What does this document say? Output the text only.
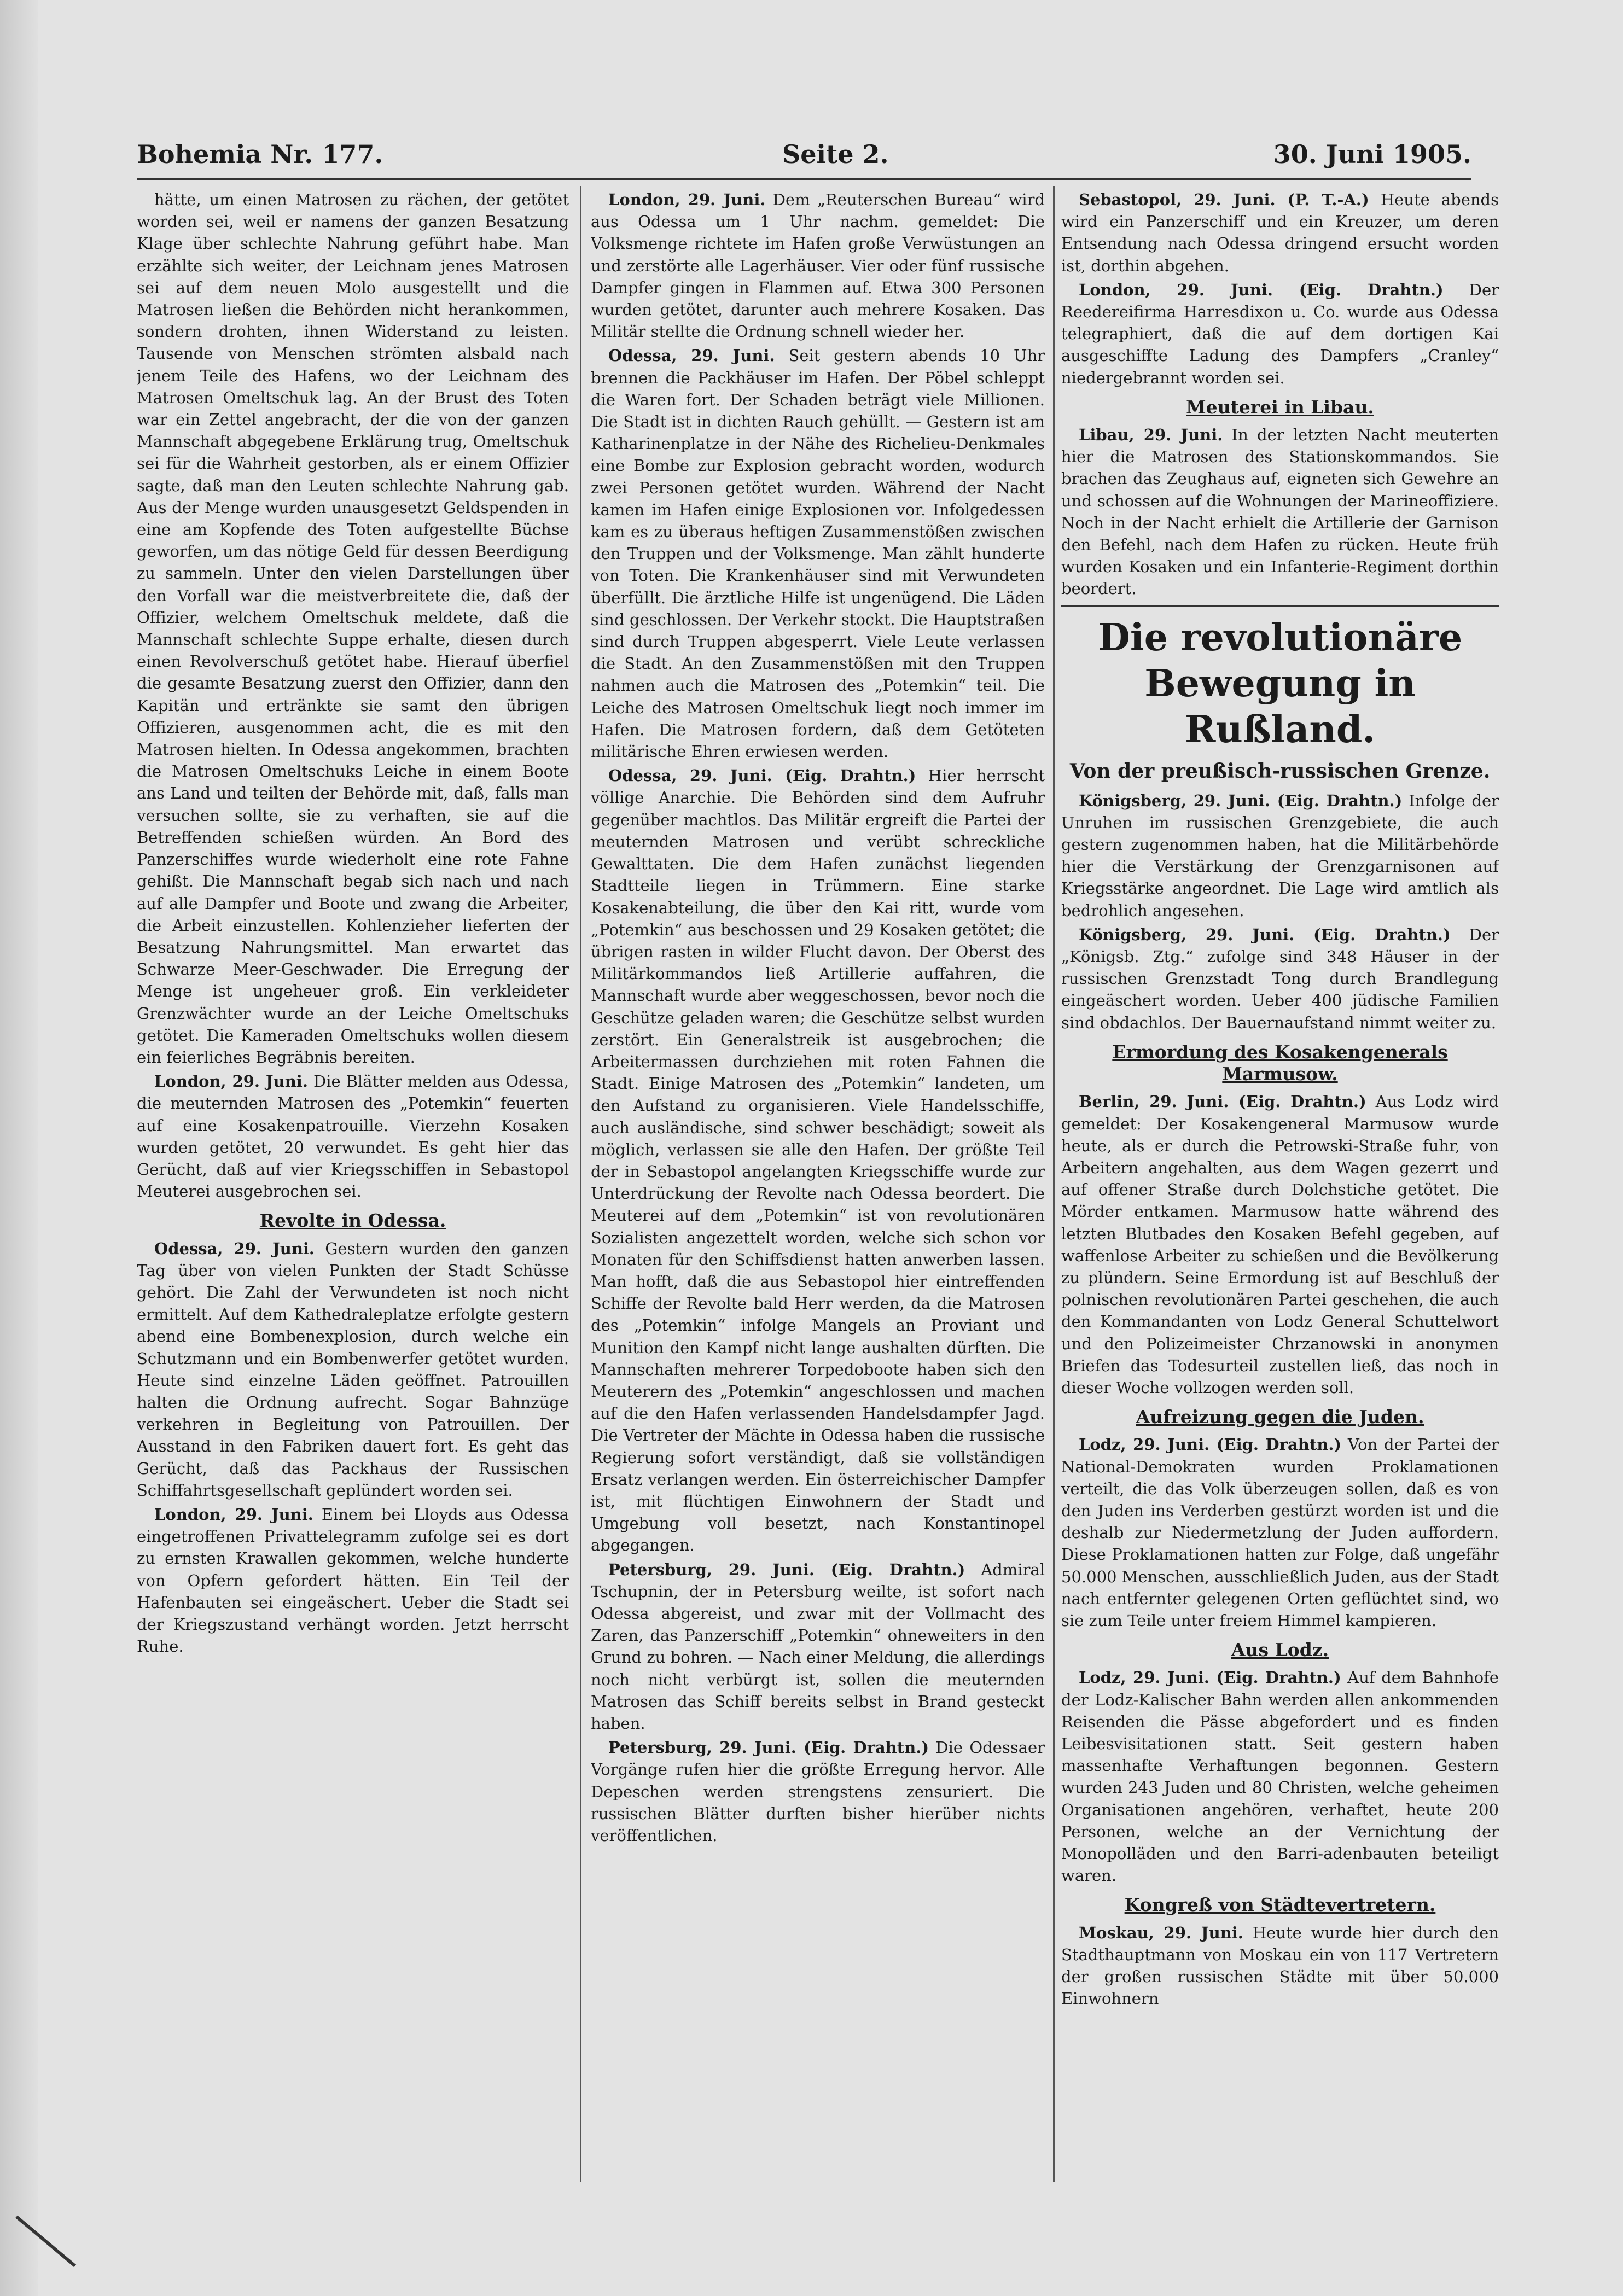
Bohemia Nr. 177.	Seite 2.	30. Juni 1905.

hätte, um einen Matrosen zu rächen, der getötet worden sei, weil er namens der ganzen Besatzung Klage über schlechte Nahrung geführt habe. Man erzählte sich weiter, der Leichnam jenes Matrosen sei auf dem neuen Molo ausgestellt und die Matrosen ließen die Behörden nicht herankommen, sondern drohten, ihnen Widerstand zu leisten. Tausende von Menschen strömten alsbald nach jenem Teile des Hafens, wo der Leichnam des Matrosen Omeltschuk lag. An der Brust des Toten war ein Zettel angebracht, der die von der ganzen Mannschaft abgegebene Erklärung trug, Omeltschuk sei für die Wahrheit gestorben, als er einem Offizier sagte, daß man den Leuten schlechte Nahrung gab. Aus der Menge wurden unausgesetzt Geldspenden in eine am Kopfende des Toten aufgestellte Büchse geworfen, um das nötige Geld für dessen Beerdigung zu sammeln. Unter den vielen Darstellungen über den Vorfall war die meistverbreitete die, daß der Offizier, welchem Omeltschuk meldete, daß die Mannschaft schlechte Suppe erhalte, diesen durch einen Revolverschuß getötet habe. Hierauf überfiel die gesamte Besatzung zuerst den Offizier, dann den Kapitän und ertränkte sie samt den übrigen Offizieren, ausgenommen acht, die es mit den Matrosen hielten. In Odessa angekommen, brachten die Matrosen Omeltschuks Leiche in einem Boote ans Land und teilten der Behörde mit, daß, falls man versuchen sollte, sie zu verhaften, sie auf die Betreffenden schießen würden. An Bord des Panzerschiffes wurde wiederholt eine rote Fahne gehißt. Die Mannschaft begab sich nach und nach auf alle Dampfer und Boote und zwang die Arbeiter, die Arbeit einzustellen. Kohlenzieher lieferten der Besatzung Nahrungsmittel. Man erwartet das Schwarze Meer-Geschwader. Die Erregung der Menge ist ungeheuer groß. Ein verkleideter Grenzwächter wurde an der Leiche Omeltschuks getötet. Die Kameraden Omeltschuks wollen diesem ein feierliches Begräbnis bereiten.

London, 29. Juni. Die Blätter melden aus Odessa, die meuternden Matrosen des „Potemkin“ feuerten auf eine Kosakenpatrouille. Vierzehn Kosaken wurden getötet, 20 verwundet. Es geht hier das Gerücht, daß auf vier Kriegsschiffen in Sebastopol Meuterei ausgebrochen sei.

Revolte in Odessa.

Odessa, 29. Juni. Gestern wurden den ganzen Tag über von vielen Punkten der Stadt Schüsse gehört. Die Zahl der Verwundeten ist noch nicht ermittelt. Auf dem Kathedraleplatze erfolgte gestern abend eine Bombenexplosion, durch welche ein Schutzmann und ein Bombenwerfer getötet wurden. Heute sind einzelne Läden geöffnet. Patrouillen halten die Ordnung aufrecht. Sogar Bahnzüge verkehren in Begleitung von Patrouillen. Der Ausstand in den Fabriken dauert fort. Es geht das Gerücht, daß das Packhaus der Russischen Schiffahrtsgesellschaft geplündert worden sei.

London, 29. Juni. Einem bei Lloyds aus Odessa eingetroffenen Privattelegramm zufolge sei es dort zu ernsten Krawallen gekommen, welche hunderte von Opfern gefordert hätten. Ein Teil der Hafenbauten sei eingeäschert. Ueber die Stadt sei der Kriegszustand verhängt worden. Jetzt herrscht Ruhe.

London, 29. Juni. Dem „Reuterschen Bureau“ wird aus Odessa um 1 Uhr nachm. gemeldet: Die Volksmenge richtete im Hafen große Verwüstungen an und zerstörte alle Lagerhäuser. Vier oder fünf russische Dampfer gingen in Flammen auf. Etwa 300 Personen wurden getötet, darunter auch mehrere Kosaken. Das Militär stellte die Ordnung schnell wieder her.

Odessa, 29. Juni. Seit gestern abends 10 Uhr brennen die Packhäuser im Hafen. Der Pöbel schleppt die Waren fort. Der Schaden beträgt viele Millionen. Die Stadt ist in dichten Rauch gehüllt. — Gestern ist am Katharinenplatze in der Nähe des Richelieu-Denkmales eine Bombe zur Explosion gebracht worden, wodurch zwei Personen getötet wurden. Während der Nacht kamen im Hafen einige Explosionen vor. Infolgedessen kam es zu überaus heftigen Zusammenstößen zwischen den Truppen und der Volksmenge. Man zählt hunderte von Toten. Die Krankenhäuser sind mit Verwundeten überfüllt. Die ärztliche Hilfe ist ungenügend. Die Läden sind geschlossen. Der Verkehr stockt. Die Hauptstraßen sind durch Truppen abgesperrt. Viele Leute verlassen die Stadt. An den Zusammenstößen mit den Truppen nahmen auch die Matrosen des „Potemkin“ teil. Die Leiche des Matrosen Omeltschuk liegt noch immer im Hafen. Die Matrosen fordern, daß dem Getöteten militärische Ehren erwiesen werden.

Odessa, 29. Juni. (Eig. Drahtn.) Hier herrscht völlige Anarchie. Die Behörden sind dem Aufruhr gegenüber machtlos. Das Militär ergreift die Partei der meuternden Matrosen und verübt schreckliche Gewalttaten. Die dem Hafen zunächst liegenden Stadtteile liegen in Trümmern. Eine starke Kosakenabteilung, die über den Kai ritt, wurde vom „Potemkin“ aus beschossen und 29 Kosaken getötet; die übrigen rasten in wilder Flucht davon. Der Oberst des Militärkommandos ließ Artillerie auffahren, die Mannschaft wurde aber weggeschossen, bevor noch die Geschütze geladen waren; die Geschütze selbst wurden zerstört. Ein Generalstreik ist ausgebrochen; die Arbeitermassen durchziehen mit roten Fahnen die Stadt. Einige Matrosen des „Potemkin“ landeten, um den Aufstand zu organisieren. Viele Handelsschiffe, auch ausländische, sind schwer beschädigt; soweit als möglich, verlassen sie alle den Hafen. Der größte Teil der in Sebastopol angelangten Kriegsschiffe wurde zur Unterdrückung der Revolte nach Odessa beordert. Die Meuterei auf dem „Potemkin“ ist von revolutionären Sozialisten angezettelt worden, welche sich schon vor Monaten für den Schiffsdienst hatten anwerben lassen. Man hofft, daß die aus Sebastopol hier eintreffenden Schiffe der Revolte bald Herr werden, da die Matrosen des „Potemkin“ infolge Mangels an Proviant und Munition den Kampf nicht lange aushalten dürften. Die Mannschaften mehrerer Torpedoboote haben sich den Meuterern des „Potemkin“ angeschlossen und machen auf die den Hafen verlassenden Handelsdampfer Jagd. Die Vertreter der Mächte in Odessa haben die russische Regierung sofort verständigt, daß sie vollständigen Ersatz verlangen werden. Ein österreichischer Dampfer ist, mit flüchtigen Einwohnern der Stadt und Umgebung voll besetzt, nach Konstantinopel abgegangen.

Petersburg, 29. Juni. (Eig. Drahtn.) Admiral Tschupnin, der in Petersburg weilte, ist sofort nach Odessa abgereist, und zwar mit der Vollmacht des Zaren, das Panzerschiff „Potemkin“ ohneweiters in den Grund zu bohren. — Nach einer Meldung, die allerdings noch nicht verbürgt ist, sollen die meuternden Matrosen das Schiff bereits selbst in Brand gesteckt haben.

Petersburg, 29. Juni. (Eig. Drahtn.) Die Odessaer Vorgänge rufen hier die größte Erregung hervor. Alle Depeschen werden strengstens zensuriert. Die russischen Blätter durften bisher hierüber nichts veröffentlichen.

Sebastopol, 29. Juni. (P. T.-A.) Heute abends wird ein Panzerschiff und ein Kreuzer, um deren Entsendung nach Odessa dringend ersucht worden ist, dorthin abgehen.

London, 29. Juni. (Eig. Drahtn.) Der Reedereifirma Harresdixon u. Co. wurde aus Odessa telegraphiert, daß die auf dem dortigen Kai ausgeschiffte Ladung des Dampfers „Cranley“ niedergebrannt worden sei.

Meuterei in Libau.

Libau, 29. Juni. In der letzten Nacht meuterten hier die Matrosen des Stationskommandos. Sie brachen das Zeughaus auf, eigneten sich Gewehre an und schossen auf die Wohnungen der Marineoffiziere. Noch in der Nacht erhielt die Artillerie der Garnison den Befehl, nach dem Hafen zu rücken. Heute früh wurden Kosaken und ein Infanterie-Regiment dorthin beordert.

Die revolutionäre Bewegung in Rußland.
Von der preußisch-russischen Grenze.

Königsberg, 29. Juni. (Eig. Drahtn.) Infolge der Unruhen im russischen Grenzgebiete, die auch gestern zugenommen haben, hat die Militärbehörde hier die Verstärkung der Grenzgarnisonen auf Kriegsstärke angeordnet. Die Lage wird amtlich als bedrohlich angesehen.

Königsberg, 29. Juni. (Eig. Drahtn.) Der „Königsb. Ztg.“ zufolge sind 348 Häuser in der russischen Grenzstadt Tong durch Brandlegung eingeäschert worden. Ueber 400 jüdische Familien sind obdachlos. Der Bauernaufstand nimmt weiter zu.

Ermordung des Kosakengenerals Marmusow.

Berlin, 29. Juni. (Eig. Drahtn.) Aus Lodz wird gemeldet: Der Kosakengeneral Marmusow wurde heute, als er durch die Petrowski-Straße fuhr, von Arbeitern angehalten, aus dem Wagen gezerrt und auf offener Straße durch Dolchstiche getötet. Die Mörder entkamen. Marmusow hatte während des letzten Blutbades den Kosaken Befehl gegeben, auf waffenlose Arbeiter zu schießen und die Bevölkerung zu plündern. Seine Ermordung ist auf Beschluß der polnischen revolutionären Partei geschehen, die auch den Kommandanten von Lodz General Schuttelwort und den Polizeimeister Chrzanowski in anonymen Briefen das Todesurteil zustellen ließ, das noch in dieser Woche vollzogen werden soll.

Aufreizung gegen die Juden.

Lodz, 29. Juni. (Eig. Drahtn.) Von der Partei der National-Demokraten wurden Proklamationen verteilt, die das Volk überzeugen sollen, daß es von den Juden ins Verderben gestürzt worden ist und die deshalb zur Niedermetzlung der Juden auffordern. Diese Proklamationen hatten zur Folge, daß ungefähr 50.000 Menschen, ausschließlich Juden, aus der Stadt nach entfernter gelegenen Orten geflüchtet sind, wo sie zum Teile unter freiem Himmel kampieren.

Aus Lodz.

Lodz, 29. Juni. (Eig. Drahtn.) Auf dem Bahnhofe der Lodz-Kalischer Bahn werden allen ankommenden Reisenden die Pässe abgefordert und es finden Leibesvisitationen statt. Seit gestern haben massenhafte Verhaftungen begonnen. Gestern wurden 243 Juden und 80 Christen, welche geheimen Organisationen angehören, verhaftet, heute 200 Personen, welche an der Vernichtung der Monopolläden und den Barri-adenbauten beteiligt waren.

Kongreß von Städtevertretern.

Moskau, 29. Juni. Heute wurde hier durch den Stadthauptmann von Moskau ein von 117 Vertretern der großen russischen Städte mit über 50.000 Einwohnern
